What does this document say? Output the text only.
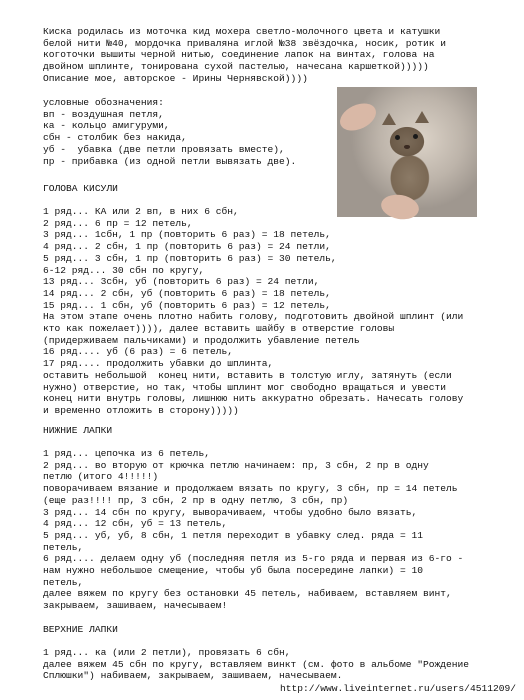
Киска родилась из моточка кид мохера светло-молочного цвета и катушки
белой нити №40, мордочка приваляна иглой №38 звёздочка, носик, ротик и
коготочки вышиты черной нитью, соединение лапок на винтах, голова на
двойном шплинте, тонирована сухой пастелью, начесана каршеткой)))))
Описание мое, авторское - Ирины Чернявской))))
условные обозначения:
вп - воздушная петля,
ка - кольцо амигуруми,
сбн - столбик без накида,
уб -  убавка (две петли провязать вместе),
пр - прибавка (из одной петли вывязать две).
ГОЛОВА КИСУЛИ
1 ряд... КА или 2 вп, в них 6 сбн,
2 ряд... 6 пр = 12 петель,
3 ряд... 1сбн, 1 пр (повторить 6 раз) = 18 петель,
4 ряд... 2 сбн, 1 пр (повторить 6 раз) = 24 петли,
5 ряд... 3 сбн, 1 пр (повторить 6 раз) = 30 петель,
6-12 ряд... 30 сбн по кругу,
13 ряд... 3сбн, уб (повторить 6 раз) = 24 петли,
14 ряд... 2 сбн, уб (повторить 6 раз) = 18 петель,
15 ряд... 1 сбн, уб (повторить 6 раз) = 12 петель,
На этом этапе очень плотно набить голову, подготовить двойной шплинт (или
кто как пожелает)))), далее вставить шайбу в отверстие головы
(придерживаем пальчиками) и продолжить убавление петель
16 ряд.... уб (6 раз) = 6 петель,
17 ряд.... продолжить убавки до шплинта,
оставить небольшой  конец нити, вставить в толстую иглу, затянуть (если
нужно) отверстие, но так, чтобы шплинт мог свободно вращаться и увести
конец нити внутрь головы, лишнюю нить аккуратно обрезать. Начесать голову
и временно отложить в сторону)))))
НИЖНИЕ ЛАПКИ
1 ряд... цепочка из 6 петель,
2 ряд... во вторую от крючка петлю начинаем: пр, 3 сбн, 2 пр в одну
петлю (итого 4!!!!!)
поворачиваем вязание и продолжаем вязать по кругу, 3 сбн, пр = 14 петель
(еще раз!!!! пр, 3 сбн, 2 пр в одну петлю, 3 сбн, пр)
3 ряд... 14 сбн по кругу, выворачиваем, чтобы удобно было вязать,
4 ряд... 12 сбн, уб = 13 петель,
5 ряд... уб, уб, 8 сбн, 1 петля переходит в убавку след. ряда = 11
петель,
6 ряд.... делаем одну уб (последняя петля из 5-го ряда и первая из 6-го -
нам нужно небольшое смещение, чтобы уб была посередине лапки) = 10
петель,
далее вяжем по кругу без остановки 45 петель, набиваем, вставляем винт,
закрываем, зашиваем, начесываем!
ВЕРХНИЕ ЛАПКИ
1 ряд... ка (или 2 петли), провязать 6 сбн,
далее вяжем 45 сбн по кругу, вставляем винкт (см. фото в альбоме "Рождение
Сплюшки") набиваем, закрываем, зашиваем, начесываем.
http://www.liveinternet.ru/users/4511209/
